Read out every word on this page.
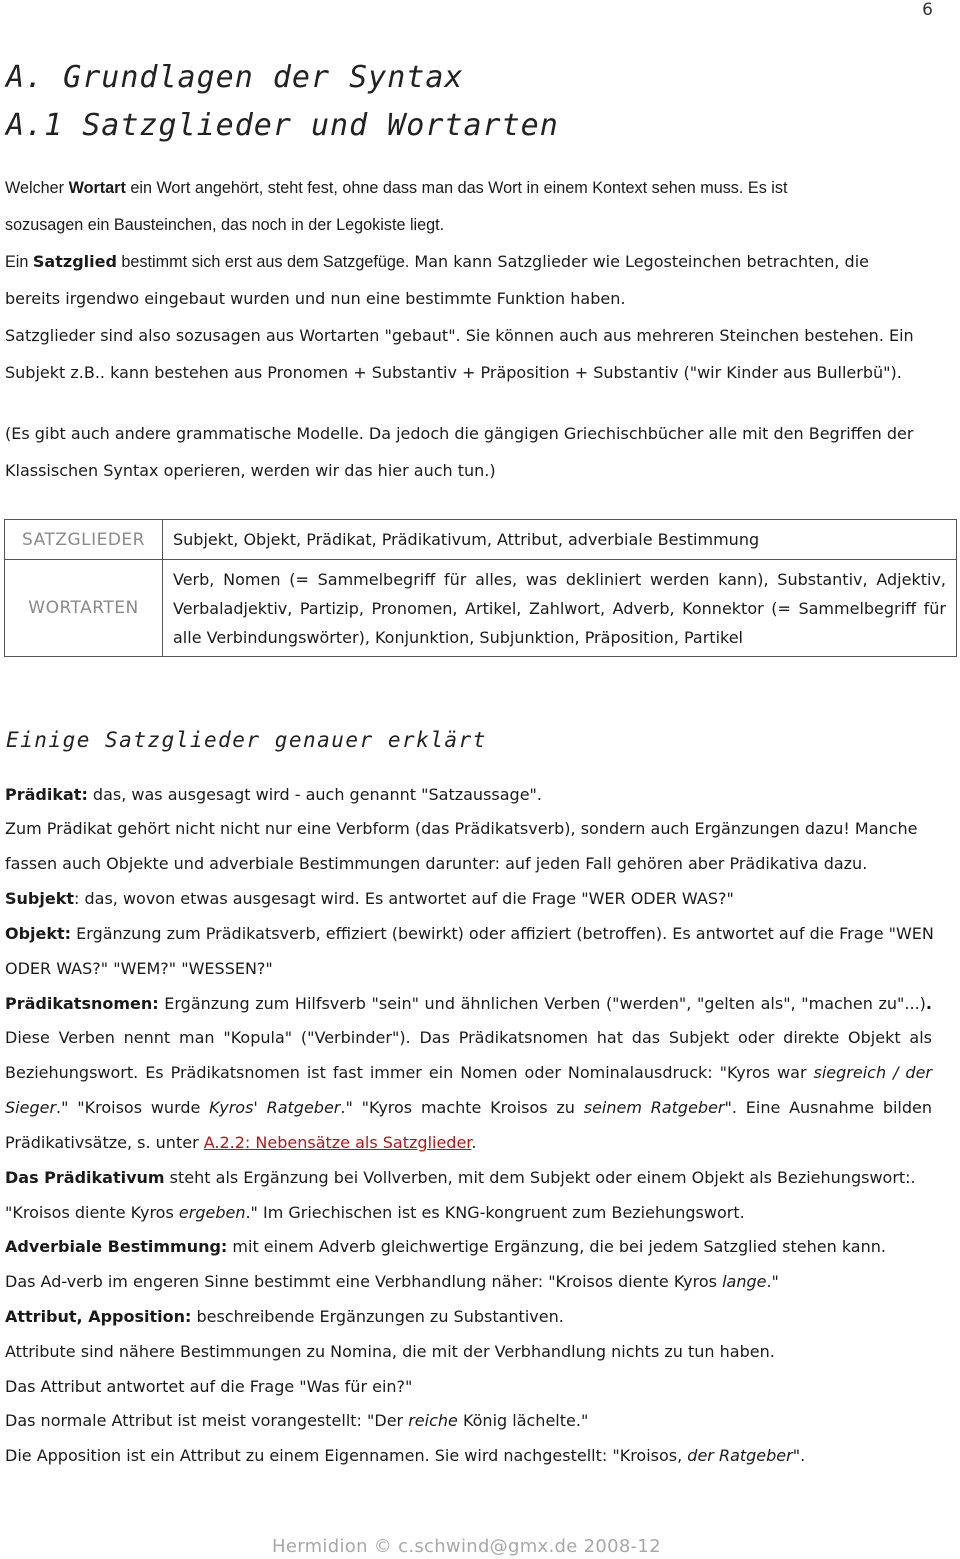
6
A. Grundlagen der Syntax
A.1 Satzglieder und Wortarten
Welcher Wortart ein Wort angehört, steht fest, ohne dass man das Wort in einem Kontext sehen muss. Es ist
sozusagen ein Bausteinchen, das noch in der Legokiste liegt.
Ein Satzglied bestimmt sich erst aus dem Satzgefüge. Man kann Satzglieder wie Legosteinchen betrachten, die
bereits irgendwo eingebaut wurden und nun eine bestimmte Funktion haben.
Satzglieder sind also sozusagen aus Wortarten "gebaut". Sie können auch aus mehreren Steinchen bestehen. Ein
Subjekt z.B.. kann bestehen aus Pronomen + Substantiv + Präposition + Substantiv ("wir Kinder aus Bullerbü").
(Es gibt auch andere grammatische Modelle. Da jedoch die gängigen Griechischbücher alle mit den Begriffen der
Klassischen Syntax operieren, werden wir das hier auch tun.)
SATZGLIEDER	Subjekt, Objekt, Prädikat, Prädikativum, Attribut, adverbiale Bestimmung
WORTARTEN	Verb, Nomen (= Sammelbegriff für alles, was dekliniert werden kann), Substantiv, Adjektiv, Verbaladjektiv, Partizip, Pronomen, Artikel, Zahlwort, Adverb, Konnektor (= Sammelbegriff für alle Verbindungswörter), Konjunktion, Subjunktion, Präposition, Partikel
Einige Satzglieder genauer erklärt
Prädikat: das, was ausgesagt wird - auch genannt "Satzaussage".
Zum Prädikat gehört nicht nicht nur eine Verbform (das Prädikatsverb), sondern auch Ergänzungen dazu! Manche
fassen auch Objekte und adverbiale Bestimmungen darunter: auf jeden Fall gehören aber Prädikativa dazu.
Subjekt: das, wovon etwas ausgesagt wird. Es antwortet auf die Frage "WER ODER WAS?"
Objekt: Ergänzung zum Prädikatsverb, effiziert (bewirkt) oder affiziert (betroffen). Es antwortet auf die Frage "WEN
ODER WAS?" "WEM?" "WESSEN?"
Prädikatsnomen: Ergänzung zum Hilfsverb "sein" und ähnlichen Verben ("werden", "gelten als", "machen zu"...).
Diese Verben nennt man "Kopula" ("Verbinder"). Das Prädikatsnomen hat das Subjekt oder direkte Objekt als
Beziehungswort. Es Prädikatsnomen ist fast immer ein Nomen oder Nominalausdruck: "Kyros war siegreich / der
Sieger." "Kroisos wurde Kyros' Ratgeber." "Kyros machte Kroisos zu seinem Ratgeber". Eine Ausnahme bilden
Prädikativsätze, s. unter A.2.2: Nebensätze als Satzglieder.
Das Prädikativum steht als Ergänzung bei Vollverben, mit dem Subjekt oder einem Objekt als Beziehungswort:.
"Kroisos diente Kyros ergeben." Im Griechischen ist es KNG-kongruent zum Beziehungswort.
Adverbiale Bestimmung: mit einem Adverb gleichwertige Ergänzung, die bei jedem Satzglied stehen kann.
Das Ad-verb im engeren Sinne bestimmt eine Verbhandlung näher: "Kroisos diente Kyros lange."
Attribut, Apposition: beschreibende Ergänzungen zu Substantiven.
Attribute sind nähere Bestimmungen zu Nomina, die mit der Verbhandlung nichts zu tun haben.
Das Attribut antwortet auf die Frage "Was für ein?"
Das normale Attribut ist meist vorangestellt: "Der reiche König lächelte."
Die Apposition ist ein Attribut zu einem Eigennamen. Sie wird nachgestellt: "Kroisos, der Ratgeber".
Hermidion © c.schwind@gmx.de 2008-12
